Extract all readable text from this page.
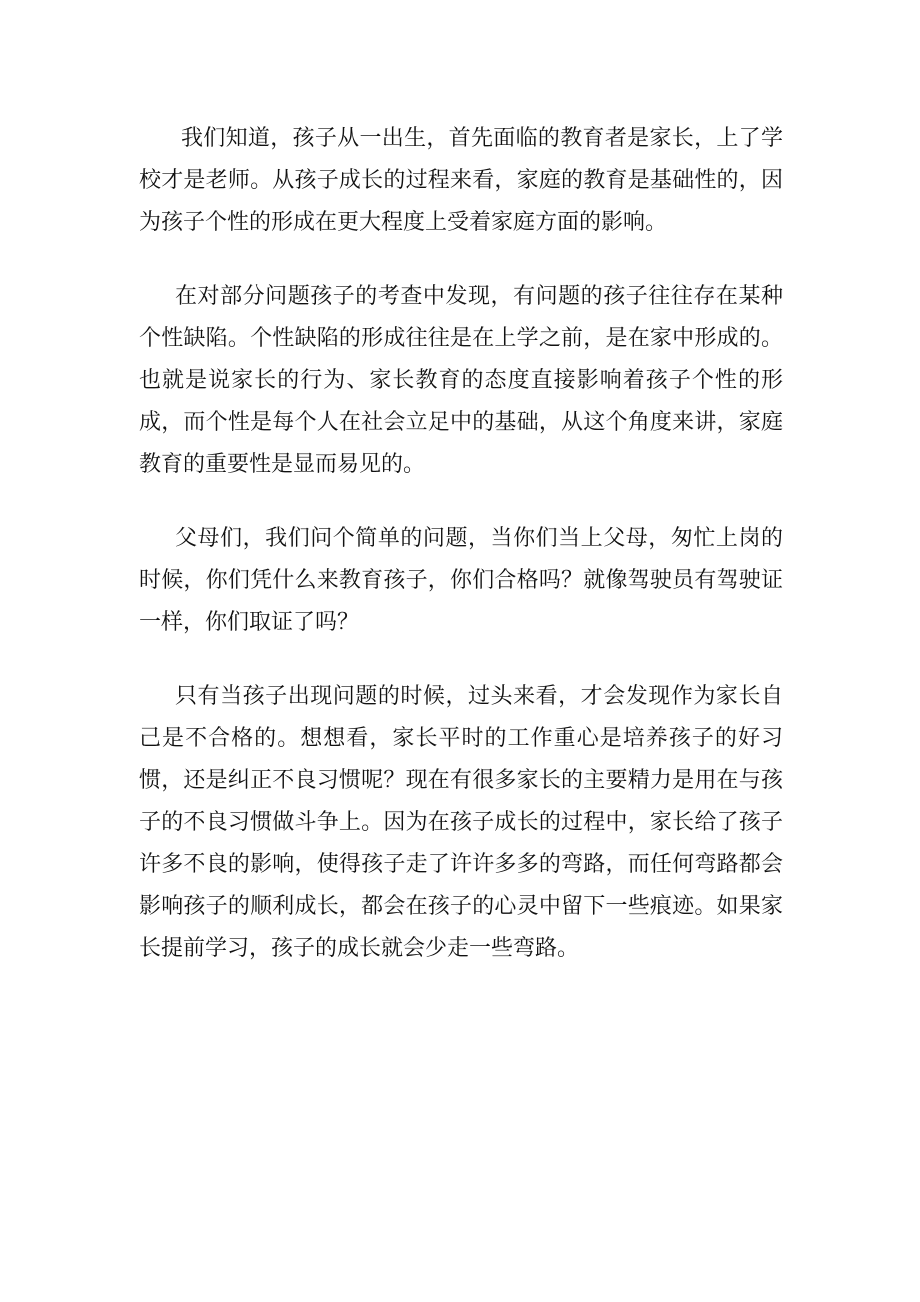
我们知道，孩子从一出生，首先面临的教育者是家长，上了学校才是老师。从孩子成长的过程来看，家庭的教育是基础性的，因为孩子个性的形成在更大程度上受着家庭方面的影响。

在对部分问题孩子的考查中发现，有问题的孩子往往存在某种个性缺陷。个性缺陷的形成往往是在上学之前，是在家中形成的。也就是说家长的行为、家长教育的态度直接影响着孩子个性的形成，而个性是每个人在社会立足中的基础，从这个角度来讲，家庭教育的重要性是显而易见的。

父母们，我们问个简单的问题，当你们当上父母，匆忙上岗的时候，你们凭什么来教育孩子，你们合格吗？就像驾驶员有驾驶证一样，你们取证了吗？

只有当孩子出现问题的时候，过头来看，才会发现作为家长自己是不合格的。想想看，家长平时的工作重心是培养孩子的好习惯，还是纠正不良习惯呢？现在有很多家长的主要精力是用在与孩子的不良习惯做斗争上。因为在孩子成长的过程中，家长给了孩子许多不良的影响，使得孩子走了许许多多的弯路，而任何弯路都会影响孩子的顺利成长，都会在孩子的心灵中留下一些痕迹。如果家长提前学习，孩子的成长就会少走一些弯路。
